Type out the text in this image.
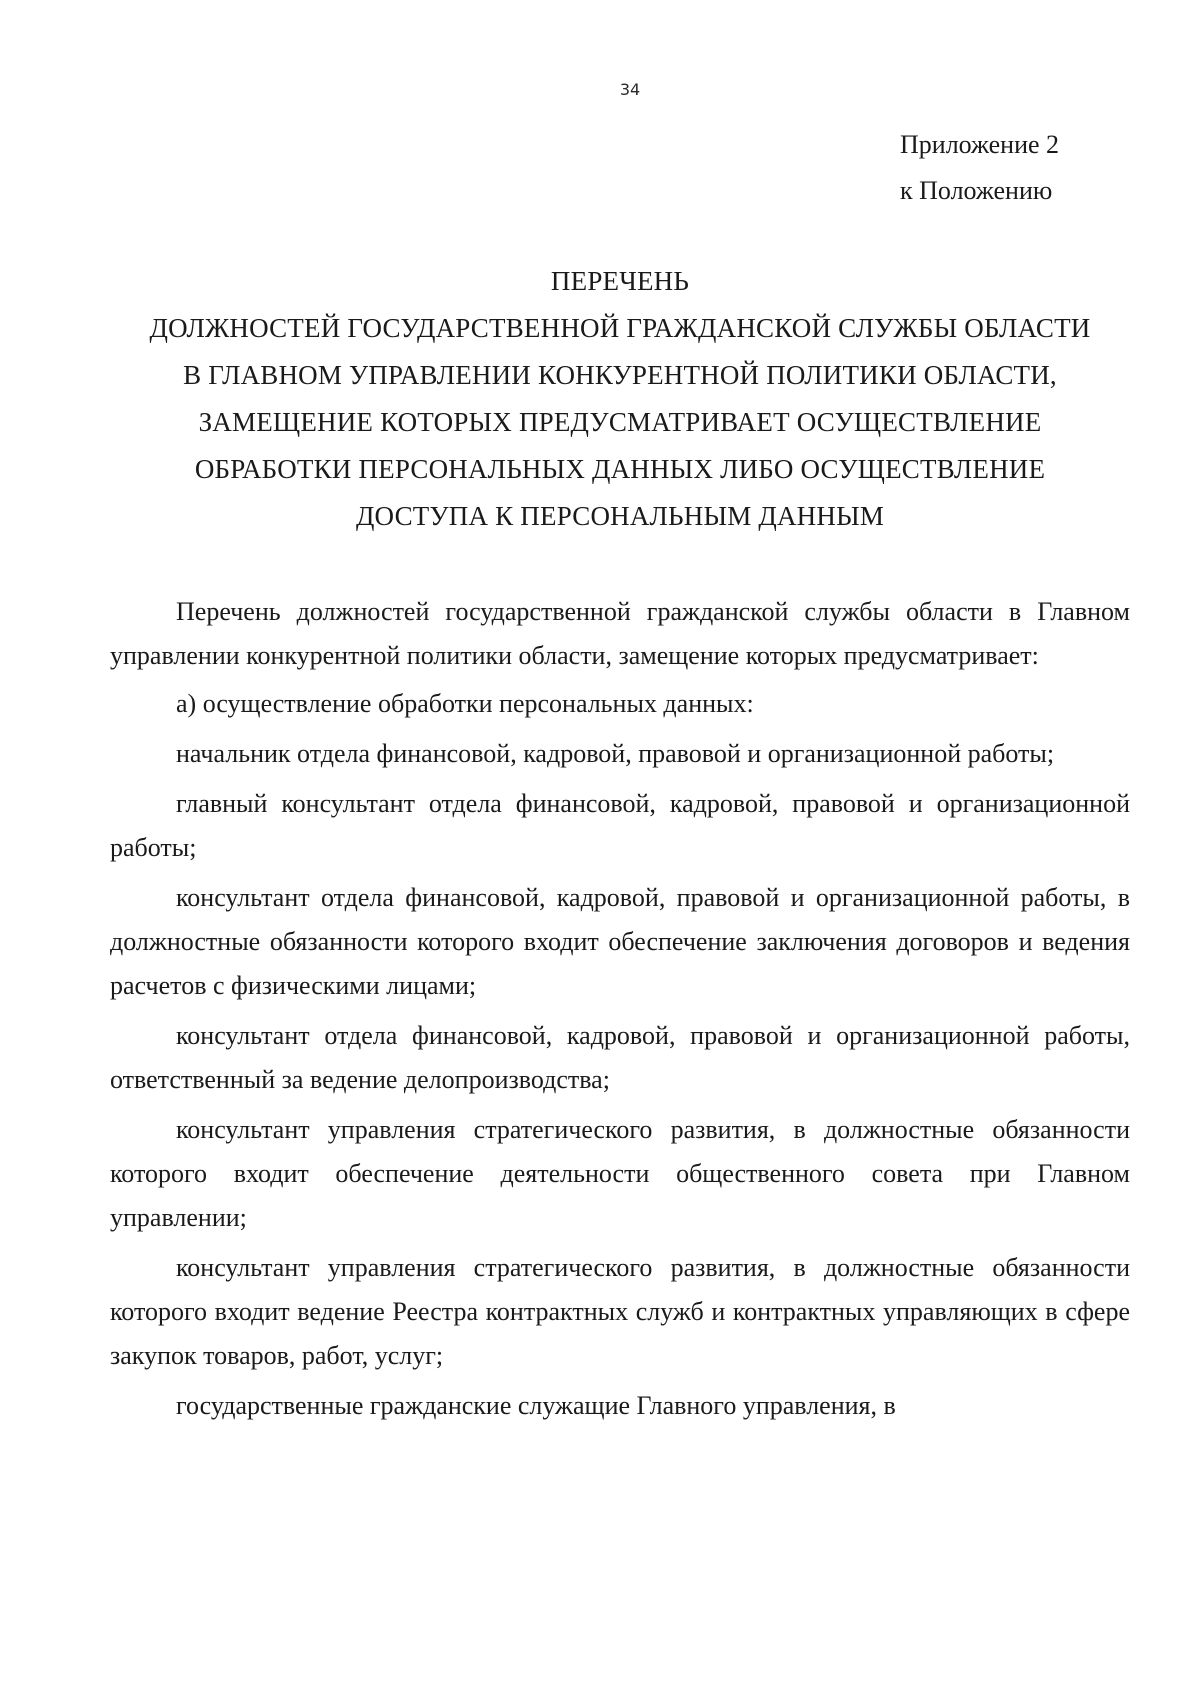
34
Приложение 2
к Положению
ПЕРЕЧЕНЬ
ДОЛЖНОСТЕЙ ГОСУДАРСТВЕННОЙ ГРАЖДАНСКОЙ СЛУЖБЫ ОБЛАСТИ
В ГЛАВНОМ УПРАВЛЕНИИ КОНКУРЕНТНОЙ ПОЛИТИКИ ОБЛАСТИ,
ЗАМЕЩЕНИЕ КОТОРЫХ ПРЕДУСМАТРИВАЕТ ОСУЩЕСТВЛЕНИЕ
ОБРАБОТКИ ПЕРСОНАЛЬНЫХ ДАННЫХ ЛИБО ОСУЩЕСТВЛЕНИЕ
ДОСТУПА К ПЕРСОНАЛЬНЫМ ДАННЫМ

Перечень должностей государственной гражданской службы области в Главном управлении конкурентной политики области, замещение которых предусматривает:

а) осуществление обработки персональных данных:

начальник отдела финансовой, кадровой, правовой и организационной работы;

главный консультант отдела финансовой, кадровой, правовой и организационной работы;

консультант отдела финансовой, кадровой, правовой и организационной работы, в должностные обязанности которого входит обеспечение заключения договоров и ведения расчетов с физическими лицами;

консультант отдела финансовой, кадровой, правовой и организационной работы, ответственный за ведение делопроизводства;

консультант управления стратегического развития, в должностные обязанности которого входит обеспечение деятельности общественного совета при Главном управлении;

консультант управления стратегического развития, в должностные обязанности которого входит ведение Реестра контрактных служб и контрактных управляющих в сфере закупок товаров, работ, услуг;

государственные гражданские служащие Главного управления, в
